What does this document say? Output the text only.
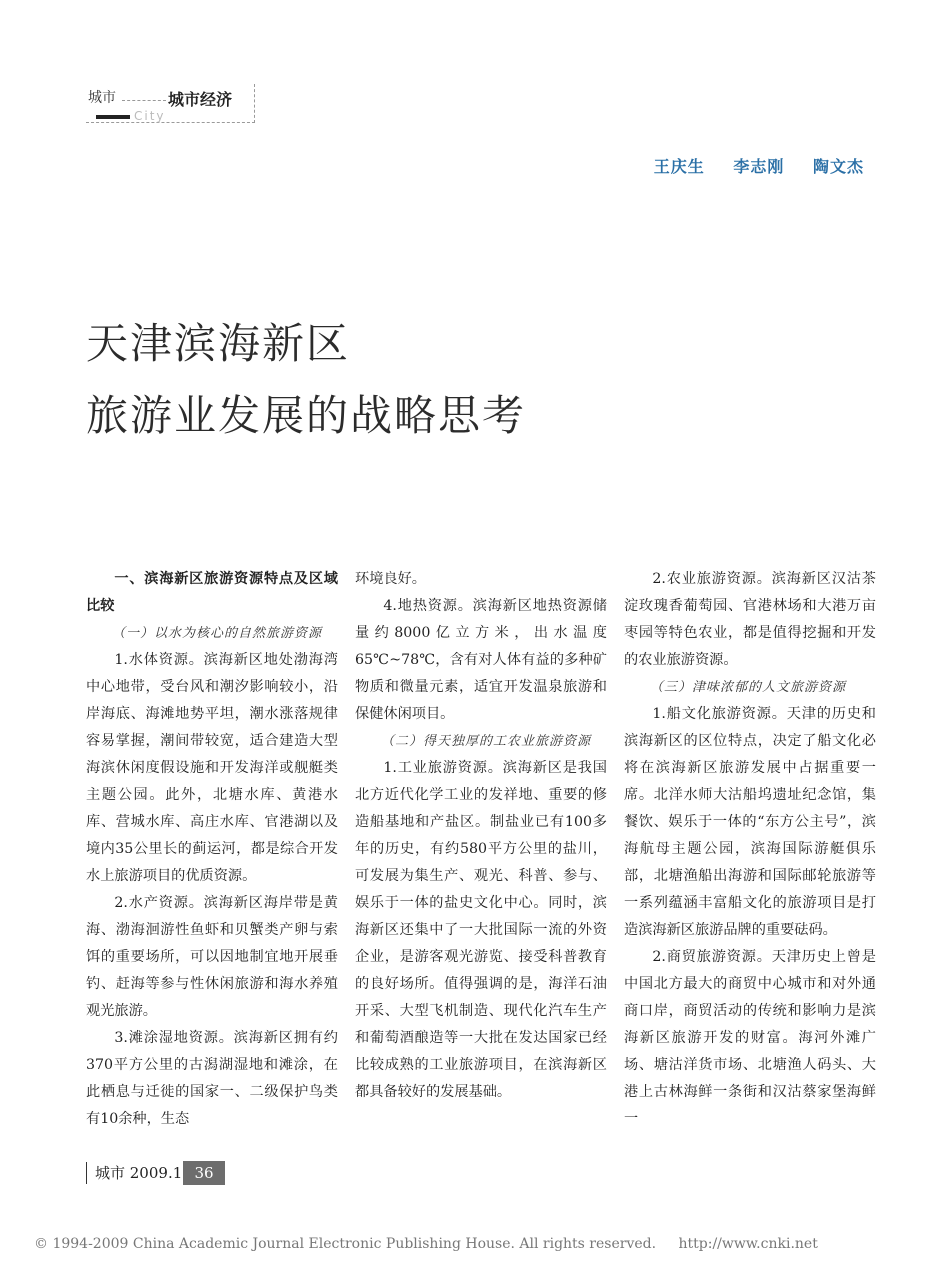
城市	城市经济
City
王庆生 李志刚 陶文杰
天津滨海新区
旅游业发展的战略思考
一、滨海新区旅游资源特点及区域比较
（一）以水为核心的自然旅游资源

1.水体资源。滨海新区地处渤海湾中心地带，受台风和潮汐影响较小，沿岸海底、海滩地势平坦，潮水涨落规律容易掌握，潮间带较宽，适合建造大型海滨休闲度假设施和开发海洋或舰艇类主题公园。此外，北塘水库、黄港水库、营城水库、高庄水库、官港湖以及境内35公里长的蓟运河，都是综合开发水上旅游项目的优质资源。

2.水产资源。滨海新区海岸带是黄海、渤海洄游性鱼虾和贝蟹类产卵与索饵的重要场所，可以因地制宜地开展垂钓、赶海等参与性休闲旅游和海水养殖观光旅游。

3.滩涂湿地资源。滨海新区拥有约370平方公里的古潟湖湿地和滩涂，在此栖息与迁徙的国家一、二级保护鸟类有10余种，生态

环境良好。

4.地热资源。滨海新区地热资源储量约8000亿立方米，出水温度65℃~78℃，含有对人体有益的多种矿物质和微量元素，适宜开发温泉旅游和保健休闲项目。

（二）得天独厚的工农业旅游资源

1.工业旅游资源。滨海新区是我国北方近代化学工业的发祥地、重要的修造船基地和产盐区。制盐业已有100多年的历史，有约580平方公里的盐川，可发展为集生产、观光、科普、参与、娱乐于一体的盐史文化中心。同时，滨海新区还集中了一大批国际一流的外资企业，是游客观光游览、接受科普教育的良好场所。值得强调的是，海洋石油开采、大型飞机制造、现代化汽车生产和葡萄酒酿造等一大批在发达国家已经比较成熟的工业旅游项目，在滨海新区都具备较好的发展基础。

2.农业旅游资源。滨海新区汉沽茶淀玫瑰香葡萄园、官港林场和大港万亩枣园等特色农业，都是值得挖掘和开发的农业旅游资源。

（三）津味浓郁的人文旅游资源

1.船文化旅游资源。天津的历史和滨海新区的区位特点，决定了船文化必将在滨海新区旅游发展中占据重要一席。北洋水师大沽船坞遗址纪念馆，集餐饮、娱乐于一体的“东方公主号”，滨海航母主题公园，滨海国际游艇俱乐部，北塘渔船出海游和国际邮轮旅游等一系列蕴涵丰富船文化的旅游项目是打造滨海新区旅游品牌的重要砝码。

2.商贸旅游资源。天津历史上曾是中国北方最大的商贸中心城市和对外通商口岸，商贸活动的传统和影响力是滨海新区旅游开发的财富。海河外滩广场、塘沽洋货市场、北塘渔人码头、大港上古林海鲜一条街和汉沽蔡家堡海鲜一

城市 2009.1 36
© 1994-2009 China Academic Journal Electronic Publishing House. All rights reserved. http://www.cnki.net
